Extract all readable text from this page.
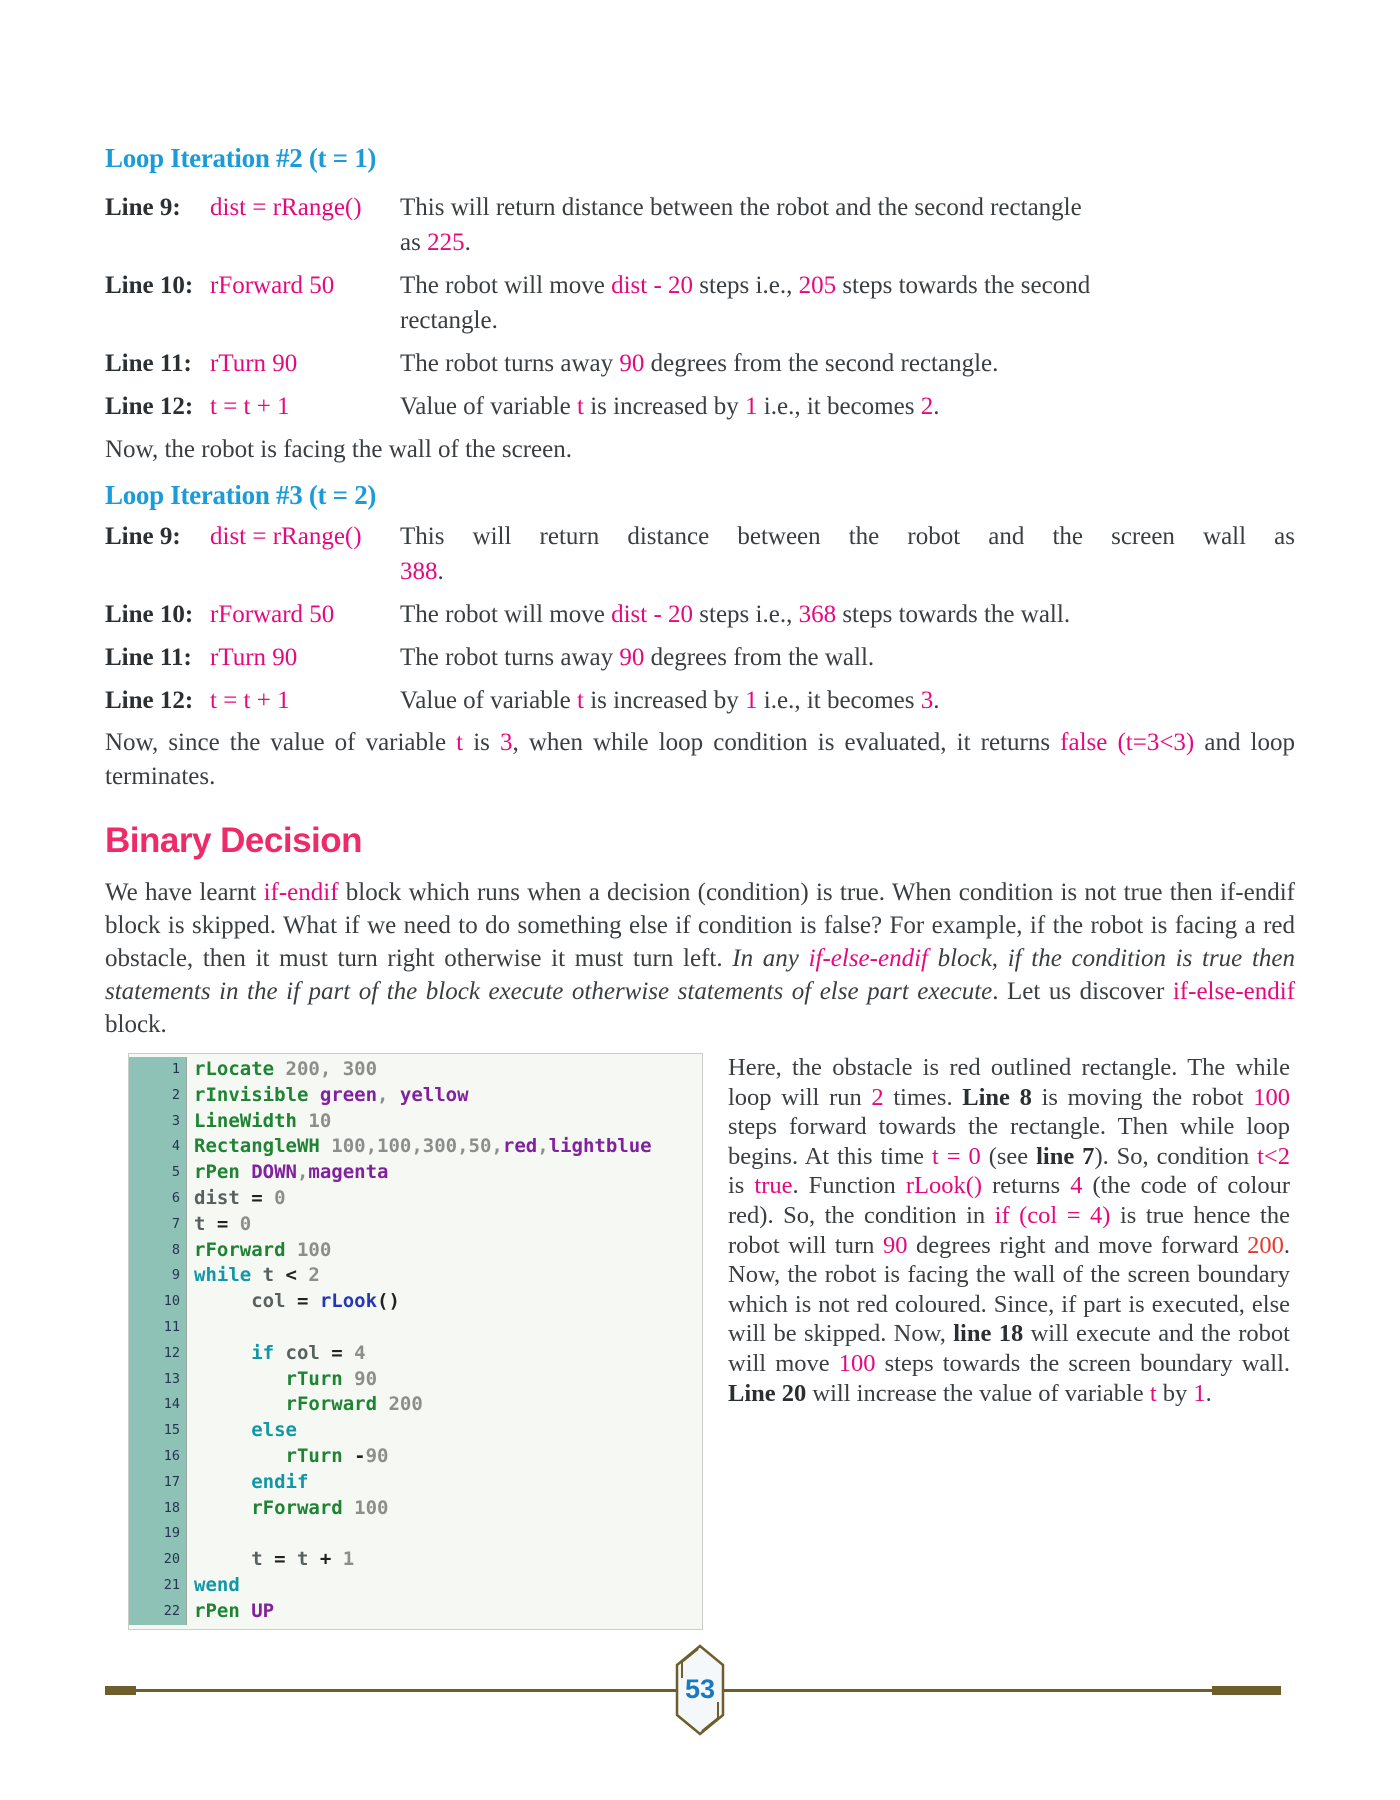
Loop Iteration #2 (t = 1)
Line 9:	dist = rRange()	This will return distance between the robot and the second rectangle
as 225.
Line 10: rForward 50	The robot will move dist - 20 steps i.e., 205 steps towards the second
rectangle.
Line 11: rTurn 90	The robot turns away 90 degrees from the second rectangle.
Line 12: t = t + 1	Value of variable t is increased by 1 i.e., it becomes 2.

Now, the robot is facing the wall of the screen.

Loop Iteration #3 (t = 2)
Line 9:	dist = rRange()	This will return distance between the robot and the screen wall as
388.
Line 10: rForward 50	The robot will move dist - 20 steps i.e., 368 steps towards the wall.
Line 11: rTurn 90	The robot turns away 90 degrees from the wall.
Line 12: t = t + 1	Value of variable t is increased by 1 i.e., it becomes 3.

Now, since the value of variable t is 3, when while loop condition is evaluated, it returns false (t=3<3) and loop terminates.

Binary Decision

We have learnt if-endif block which runs when a decision (condition) is true. When condition is not true then if-endif block is skipped. What if we need to do something else if condition is false? For example, if the robot is facing a red obstacle, then it must turn right otherwise it must turn left. In any if-else-endif block, if the condition is true then statements in the if part of the block execute otherwise statements of else part execute. Let us discover if-else-endif block.

1 rLocate 200, 300
2 rInvisible green, yellow
3 LineWidth 10
4 RectangleWH 100,100,300,50,red,lightblue
5 rPen DOWN,magenta
6 dist = 0
7 t = 0
8 rForward 100
9 while t < 2
10 col = rLook()
11
12 if col = 4
13 rTurn 90
14 rForward 200
15 else
16 rTurn -90
17 endif
18 rForward 100
19
20 t = t + 1
21 wend
22 rPen UP
Here, the obstacle is red outlined rectangle. The while loop will run 2 times. Line 8 is moving the robot 100 steps forward towards the rectangle. Then while loop begins. At this time t = 0 (see line 7). So, condition t<2 is true. Function rLook() returns 4 (the code of colour red). So, the condition in if (col = 4) is true hence the robot will turn 90 degrees right and move forward 200. Now, the robot is facing the wall of the screen boundary which is not red coloured. Since, if part is executed, else will be skipped. Now, line 18 will execute and the robot will move 100 steps towards the screen boundary wall. Line 20 will increase the value of variable t by 1.
53
